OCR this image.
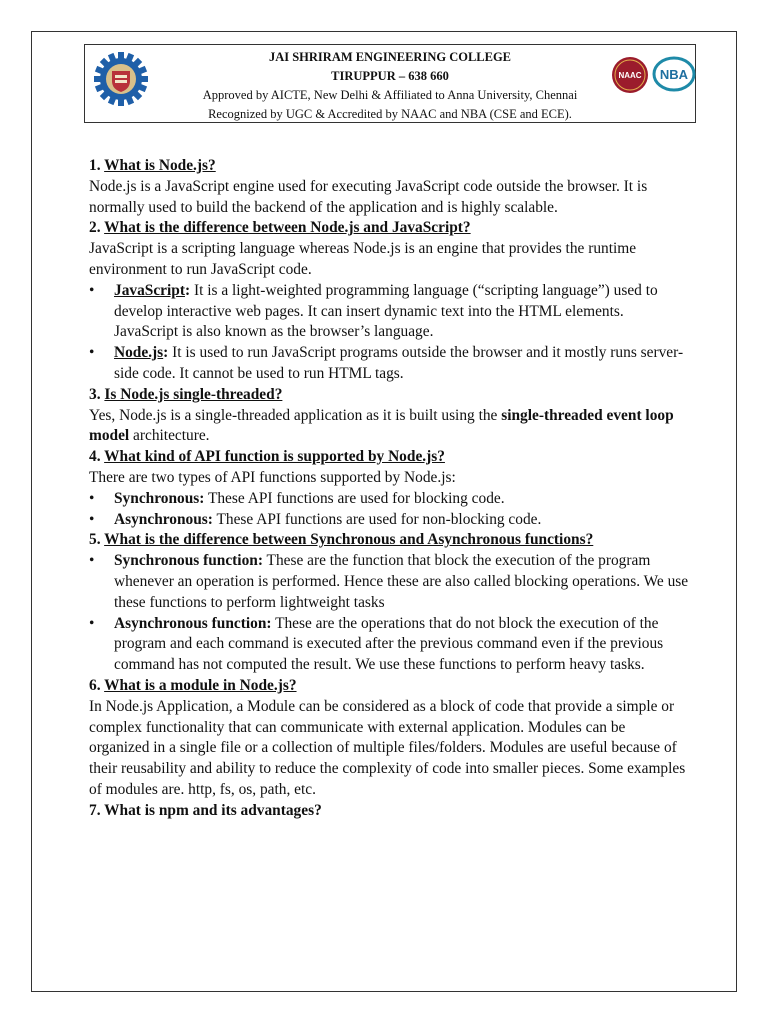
JAI SHRIRAM ENGINEERING COLLEGE
TIRUPPUR – 638 660
Approved by AICTE, New Delhi & Affiliated to Anna University, Chennai
Recognized by UGC & Accredited by NAAC and NBA (CSE and ECE).
NAAC NBA

1. What is Node.js?

Node.js is a JavaScript engine used for executing JavaScript code outside the browser. It is normally used to build the backend of the application and is highly scalable.

2. What is the difference between Node.js and JavaScript?

JavaScript is a scripting language whereas Node.js is an engine that provides the runtime environment to run JavaScript code.

• JavaScript: It is a light-weighted programming language (“scripting language”) used to develop interactive web pages. It can insert dynamic text into the HTML elements. JavaScript is also known as the browser’s language.
• Node.js: It is used to run JavaScript programs outside the browser and it mostly runs server-side code. It cannot be used to run HTML tags.

3. Is Node.js single-threaded?

Yes, Node.js is a single-threaded application as it is built using the single-threaded event loop model architecture.

4. What kind of API function is supported by Node.js?

There are two types of API functions supported by Node.js:

• Synchronous: These API functions are used for blocking code.
• Asynchronous: These API functions are used for non-blocking code.

5. What is the difference between Synchronous and Asynchronous functions?

• Synchronous function: These are the function that block the execution of the program whenever an operation is performed. Hence these are also called blocking operations. We use these functions to perform lightweight tasks
• Asynchronous function: These are the operations that do not block the execution of the program and each command is executed after the previous command even if the previous command has not computed the result. We use these functions to perform heavy tasks.

6. What is a module in Node.js?

In Node.js Application, a Module can be considered as a block of code that provide a simple or complex functionality that can communicate with external application. Modules can be organized in a single file or a collection of multiple files/folders. Modules are useful because of their reusability and ability to reduce the complexity of code into smaller pieces. Some examples of modules are. http, fs, os, path, etc.

7. What is npm and its advantages?
